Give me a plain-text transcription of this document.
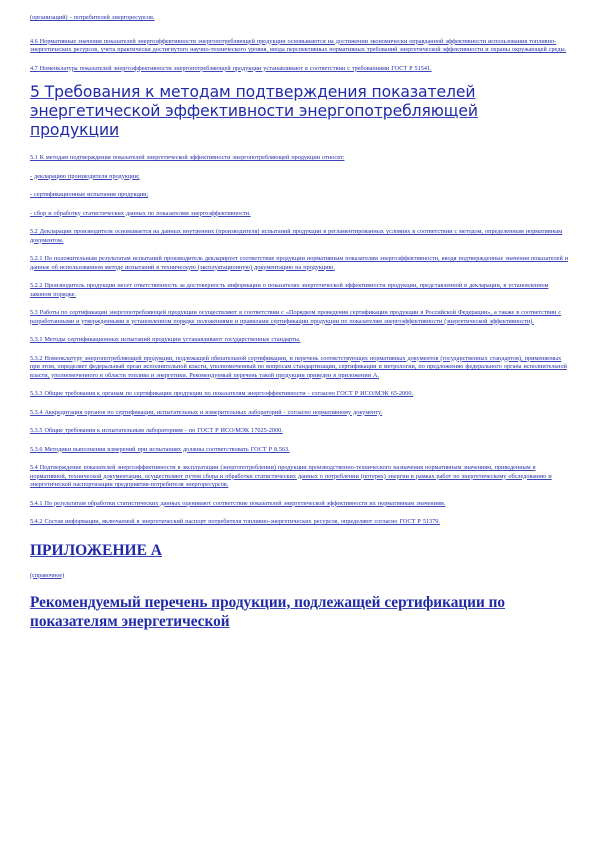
(организаций) - потребителей энергоресурсов.

4.6 Нормативные значения показателей энергоэффективности энергопотребляющей продукции основываются на достижении экономически оправданной эффективности использования топливно-энергетических ресурсов, учета практически достигнутого научно-технического уровня, ввода перспективных нормативных требований энергетической эффективности и охраны окружающей среды.

4.7 Номенклатура показателей энергоэффективности энергопотребляющей продукции устанавливают в соответствии с требованиями ГОСТ Р 51541.

5 Требования к методам подтверждения показателей энергетической эффективности энергопотребляющей продукции

5.1 К методам подтверждения показателей энергетической эффективности энергопотребляющей продукции относят:

- декларацию производителя продукции;

- сертификационные испытания продукции;

- сбор и обработку статистических данных по показателям энергоэффективности.

5.2 Декларации производителя основывается на данных внутренних (производителя) испытаний продукции в регламентированных условиях в соответствии с методом, определенным нормативным документом.

5.2.1 По положительным результатам испытаний производитель декларирует соответствие продукции нормативным показателям энергоэффективности, вводя подтвержденные значения показателей и данные об использованном методе испытаний в техническую (эксплуатационную) документацию на продукцию.

5.2.2 Производитель продукции несет ответственность за достоверность информации о показателях энергетической эффективности продукции, представленной в декларации, в установленном законом порядке.

5.3 Работы по сертификации энергопотребляющей продукции осуществляют в соответствии с «Порядком проведения сертификации продукции в Российской Федерации», а также в соответствии с разработанными и утвержденными в установленном порядке положениями и правилами сертификации продукции по показателям энергоэффективности (энергетической эффективности).

5.3.1 Методы сертификационных испытаний продукции устанавливают государственные стандарты.

5.3.2 Номенклатуру энергопотребляющей продукции, подлежащей обязательной сертификации, и перечень соответствующих нормативных документов (государственных стандартов), применяемых при этом, определяет федеральный орган исполнительной власти, уполномоченный по вопросам стандартизации, сертификации и метрологии, по предложению федерального органа исполнительной власти, уполномоченного в области топлива и энергетики. Рекомендуемый перечень такой продукции приведен в приложении А.

5.3.3 Общие требования к органам по сертификации продукции по показателям энергоэффективности - согласно ГОСТ Р ИСО/МЭК 65-2000.

5.3.4 Аккредитация органов по сертификации, испытательных и измерительных лабораторий - согласно нормативному документу.

5.3.5 Общие требования к испытательным лабораториям - по ГОСТ Р ИСО/МЭК 17025-2000.

5.3.6 Методики выполнения измерений при испытаниях должны соответствовать ГОСТ Р 8.563.

5.4 Подтверждение показателей энергоэффективности в эксплуатации (энергопотреблении) продукции производственно-технического назначения нормативным значениям, приведенным в нормативной, технической документации, осуществляют путем сбора и обработки статистических данных о потреблении (потерях) энергии в рамках работ по энергетическому обследованию и энергетической паспортизации предприятия-потребителя энергоресурсов.

5.4.1 По результатам обработки статистических данных оценивают соответствие показателей энергетической эффективности их нормативным значениям.

5.4.2 Состав информации, включаемой в энергетический паспорт потребителя топливно-энергетических ресурсов, определяют согласно ГОСТ Р 51379.

ПРИЛОЖЕНИЕ А

(справочное)

Рекомендуемый перечень продукции, подлежащей сертификации по показателям энергетической
